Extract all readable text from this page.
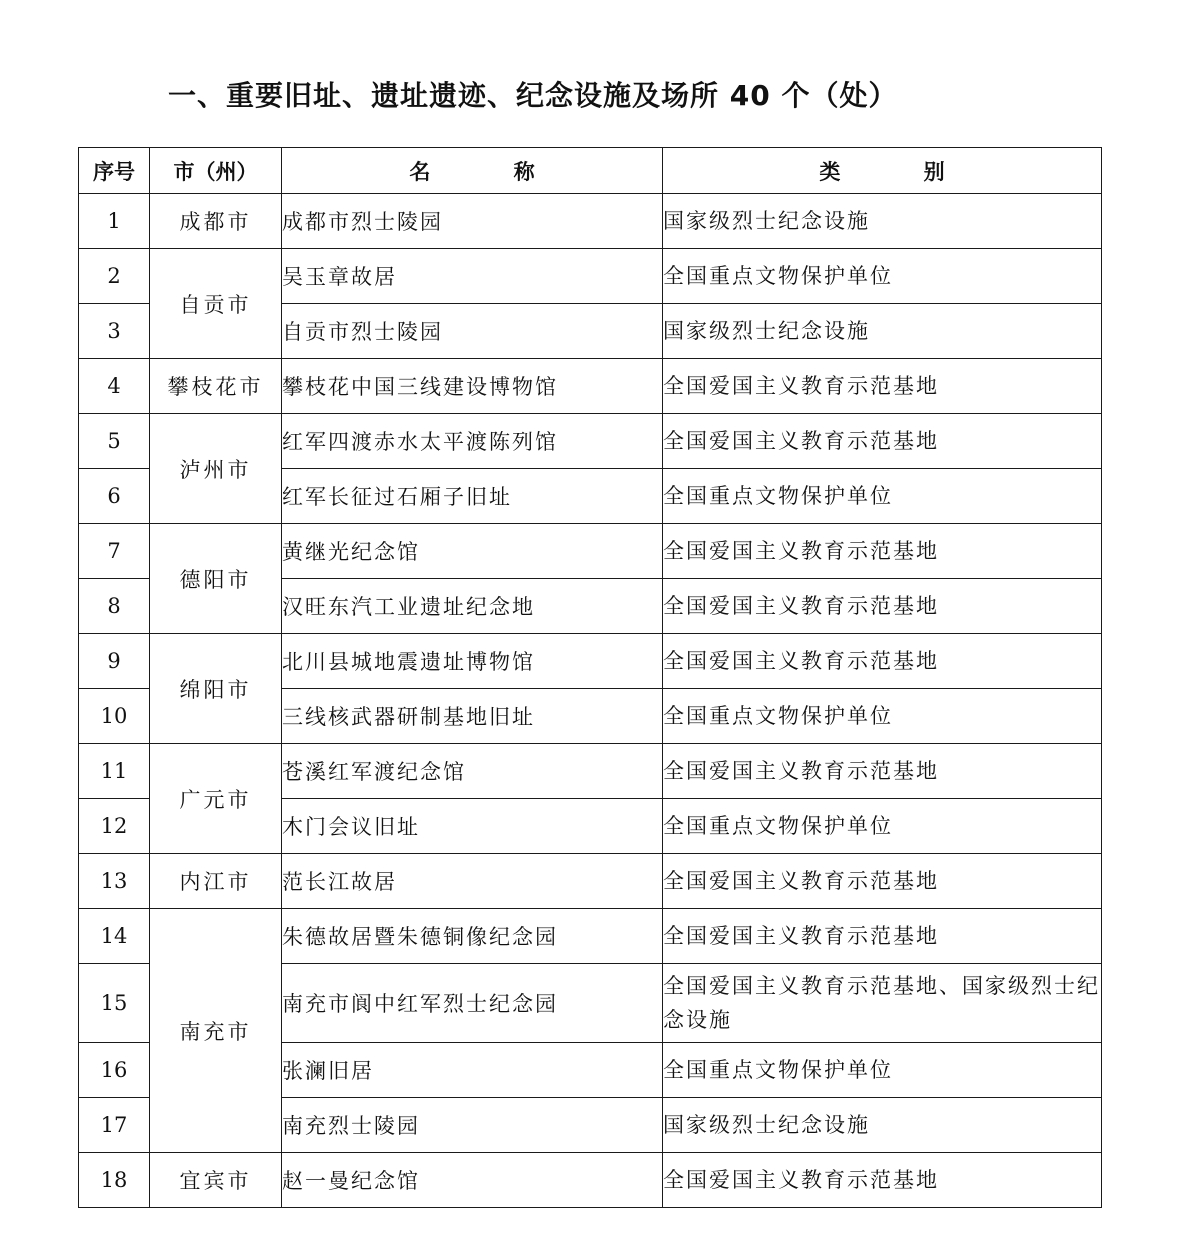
一、重要旧址、遗址遗迹、纪念设施及场所 40 个（处）
序号	市（州）	名 称	类 别
1	成都市	成都市烈士陵园	国家级烈士纪念设施
2	自贡市	吴玉章故居	全国重点文物保护单位
3		自贡市烈士陵园	国家级烈士纪念设施
4	攀枝花市	攀枝花中国三线建设博物馆	全国爱国主义教育示范基地
5	泸州市	红军四渡赤水太平渡陈列馆	全国爱国主义教育示范基地
6		红军长征过石厢子旧址	全国重点文物保护单位
7	德阳市	黄继光纪念馆	全国爱国主义教育示范基地
8		汉旺东汽工业遗址纪念地	全国爱国主义教育示范基地
9	绵阳市	北川县城地震遗址博物馆	全国爱国主义教育示范基地
10		三线核武器研制基地旧址	全国重点文物保护单位
11	广元市	苍溪红军渡纪念馆	全国爱国主义教育示范基地
12		木门会议旧址	全国重点文物保护单位
13	内江市	范长江故居	全国爱国主义教育示范基地
14	南充市	朱德故居暨朱德铜像纪念园	全国爱国主义教育示范基地
15		南充市阆中红军烈士纪念园	全国爱国主义教育示范基地、国家级烈士纪念设施
16		张澜旧居	全国重点文物保护单位
17		南充烈士陵园	国家级烈士纪念设施
18	宜宾市	赵一曼纪念馆	全国爱国主义教育示范基地
